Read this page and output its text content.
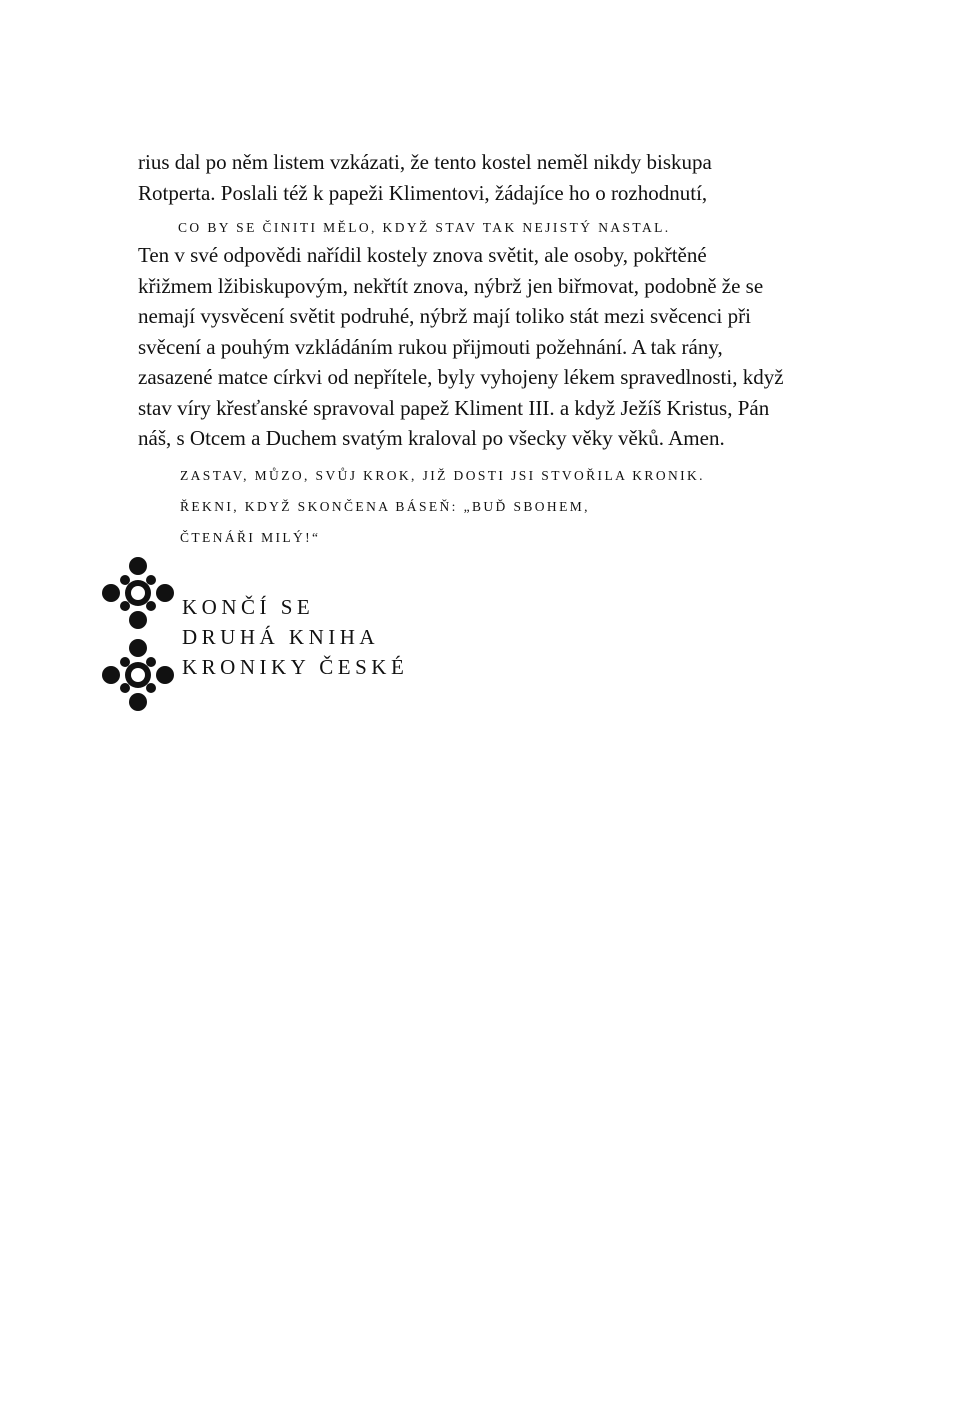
rius dal po něm listem vzkázati, že tento kostel neměl nikdy biskupa
Rotperta. Poslali též k papeži Klimentovi, žádajíce ho o rozhodnutí,
CO BY SE ČINITI MĚLO, KDYŽ STAV TAK NEJISTÝ NASTAL.
Ten v své odpovědi nařídil kostely znova světit, ale osoby, pokřtěné
křižmem lžibiskupovým, nekřtít znova, nýbrž jen biřmovat, podobně že se
nemají vysvěcení světit podruhé, nýbrž mají toliko stát mezi svěcenci při
svěcení a pouhým vzkládáním rukou přijmouti požehnání. A tak rány,
zasazené matce církvi od nepřítele, byly vyhojeny lékem spravedlnosti, když
stav víry křesťanské spravoval papež Kliment III. a když Ježíš Kristus, Pán
náš, s Otcem a Duchem svatým kraloval po všecky věky věků. Amen.
ZASTAV, MŮZO, SVŮJ KROK, JIŽ DOSTI JSI STVOŘILA KRONIK.
ŘEKNI, KDYŽ SKONČENA BÁSEŇ: „BUĎ SBOHEM,
ČTENÁŘI MILÝ!“
KONČÍ SE
DRUHÁ KNIHA
KRONIKY ČESKÉ
